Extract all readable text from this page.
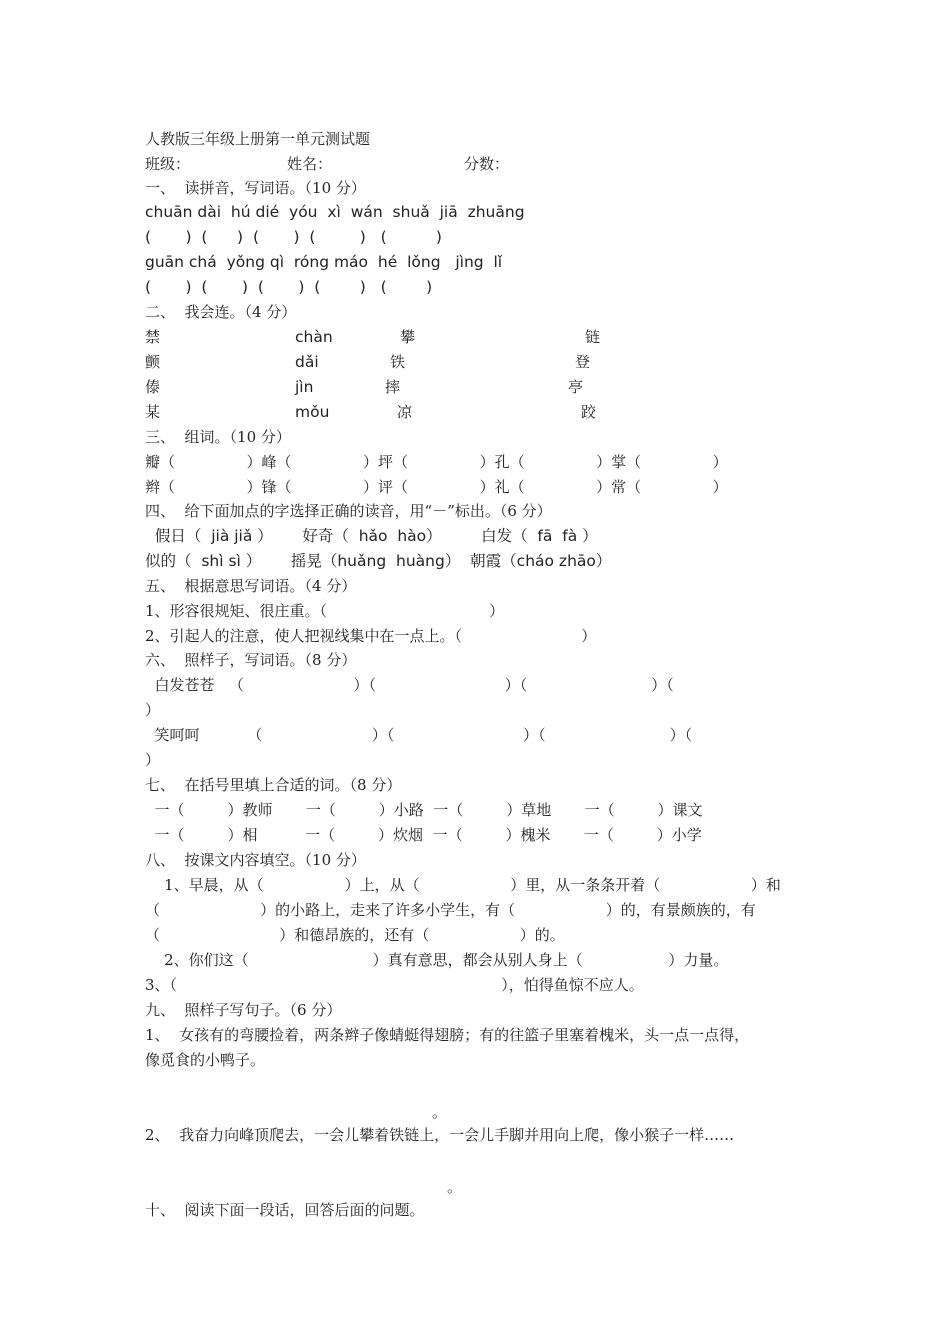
人教版三年级上册第一单元测试题
班级：	姓名：	分数：
一、  读拼音，写词语。（10 分）
chuān dài  hú dié  yóu  xì  wán  shuǎ  jiā  zhuāng
(       )  (      )  (       )  (         )   (          )
guān chá  yǒng qì  róng máo  hé  lǒng   jìng  lǐ
(       )  (       )  (       )  (        )   (        )
二、  我会连。（4 分）
禁	chàn	攀	链
颤	dǎi	铁	登
傣	jìn	摔	亭
某	mǒu	凉	跤
三、  组词。（10 分）
瓣（               ）峰（               ）坪（               ）孔（               ）掌（               ）
辫（               ）锋（               ）评（               ）礼（               ）常（               ）
四、  给下面加点的字选择正确的读音，用“－”标出。（6 分）
假日（  jià jiǎ ）      好奇（  hǎo  hào）        白发（  fā  fà ）
似的（  shì sì ）      摇晃（huǎng  huàng）  朝霞（cháo zhāo）
五、  根据意思写词语。（4 分）
1、形容很规矩、很庄重。（                                  ）
2、引起人的注意，使人把视线集中在一点上。（                         ）
六、  照样子，写词语。（8 分）
白发苍苍   （                       ）（                           ）（                          ）（
）
笑呵呵          （                       ）（                           ）（                          ）（
）
七、  在括号里填上合适的词。（8 分）
一（         ）教师       一（         ）小路  一（         ）草地       一（         ）课文
一（         ）相          一（         ）炊烟  一（         ）槐米       一（         ）小学
八、  按课文内容填空。（10 分）
1、早晨，从（                 ）上，从（                   ）里，从一条条开着（                   ）和
（                     ）的小路上，走来了许多小学生，有（                   ）的，有景颇族的，有
（                         ）和德昂族的，还有（                   ）的。
2、你们这（                          ）真有意思，都会从别人身上（                  ）力量。
3、（                                                                    ），怕得鱼惊不应人。
九、  照样子写句子。（6 分）
1、  女孩有的弯腰捡着，两条辫子像蜻蜓得翅膀；有的往篮子里塞着槐米，头一点一点得，
像觅食的小鸭子。
。
2、  我奋力向峰顶爬去，一会儿攀着铁链上，一会儿手脚并用向上爬，像小猴子一样……
。
十、  阅读下面一段话，回答后面的问题。
